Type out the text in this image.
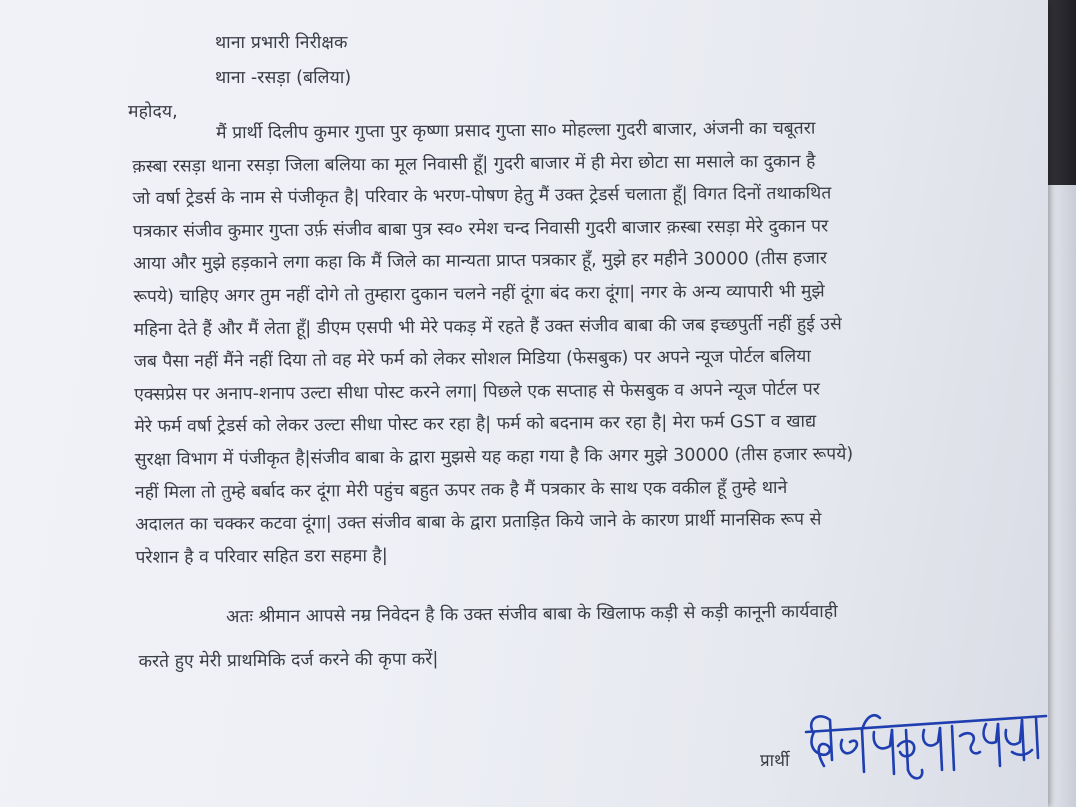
थाना प्रभारी निरीक्षक
थाना -रसड़ा (बलिया)
महोदय,
मैं प्रार्थी दिलीप कुमार गुप्ता पुर कृष्णा प्रसाद गुप्ता सा० मोहल्ला गुदरी बाजार, अंजनी का चबूतरा
क़स्बा रसड़ा थाना रसड़ा जिला बलिया का मूल निवासी हूँ| गुदरी बाजार में ही मेरा छोटा सा मसाले का दुकान है
जो वर्षा ट्रेडर्स के नाम से पंजीकृत है| परिवार के भरण-पोषण हेतु मैं उक्त ट्रेडर्स चलाता हूँ| विगत दिनों तथाकथित
पत्रकार संजीव कुमार गुप्ता उर्फ़ संजीव बाबा पुत्र स्व० रमेश चन्द निवासी गुदरी बाजार क़स्बा रसड़ा मेरे दुकान पर
आया और मुझे हड़काने लगा कहा कि मैं जिले का मान्यता प्राप्त पत्रकार हूँ, मुझे हर महीने 30000 (तीस हजार
रूपये) चाहिए अगर तुम नहीं दोगे तो तुम्हारा दुकान चलने नहीं दूंगा बंद करा दूंगा| नगर के अन्य व्यापारी भी मुझे
महिना देते हैं और मैं लेता हूँ| डीएम एसपी भी मेरे पकड़ में रहते हैं उक्त संजीव बाबा की जब इच्छपुर्ती नहीं हुई उसे
जब पैसा नहीं मैंने नहीं दिया तो वह मेरे फर्म को लेकर सोशल मिडिया (फेसबुक) पर अपने न्यूज पोर्टल बलिया
एक्सप्रेस पर अनाप-शनाप उल्टा सीधा पोस्ट करने लगा| पिछले एक सप्ताह से फेसबुक व अपने न्यूज पोर्टल पर
मेरे फर्म वर्षा ट्रेडर्स को लेकर उल्टा सीधा पोस्ट कर रहा है| फर्म को बदनाम कर रहा है| मेरा फर्म GST व खाद्य
सुरक्षा विभाग में पंजीकृत है|संजीव बाबा के द्वारा मुझसे यह कहा गया है कि अगर मुझे 30000 (तीस हजार रूपये)
नहीं मिला तो तुम्हे बर्बाद कर दूंगा मेरी पहुंच बहुत ऊपर तक है मैं पत्रकार के साथ एक वकील हूँ तुम्हे थाने
अदालत का चक्कर कटवा दूंगा| उक्त संजीव बाबा के द्वारा प्रताड़ित किये जाने के कारण प्रार्थी मानसिक रूप से
परेशान है व परिवार सहित डरा सहमा है|
अतः श्रीमान आपसे नम्र निवेदन है कि उक्त संजीव बाबा के खिलाफ कड़ी से कड़ी कानूनी कार्यवाही
करते हुए मेरी प्राथमिकि दर्ज करने की कृपा करें|
प्रार्थी
